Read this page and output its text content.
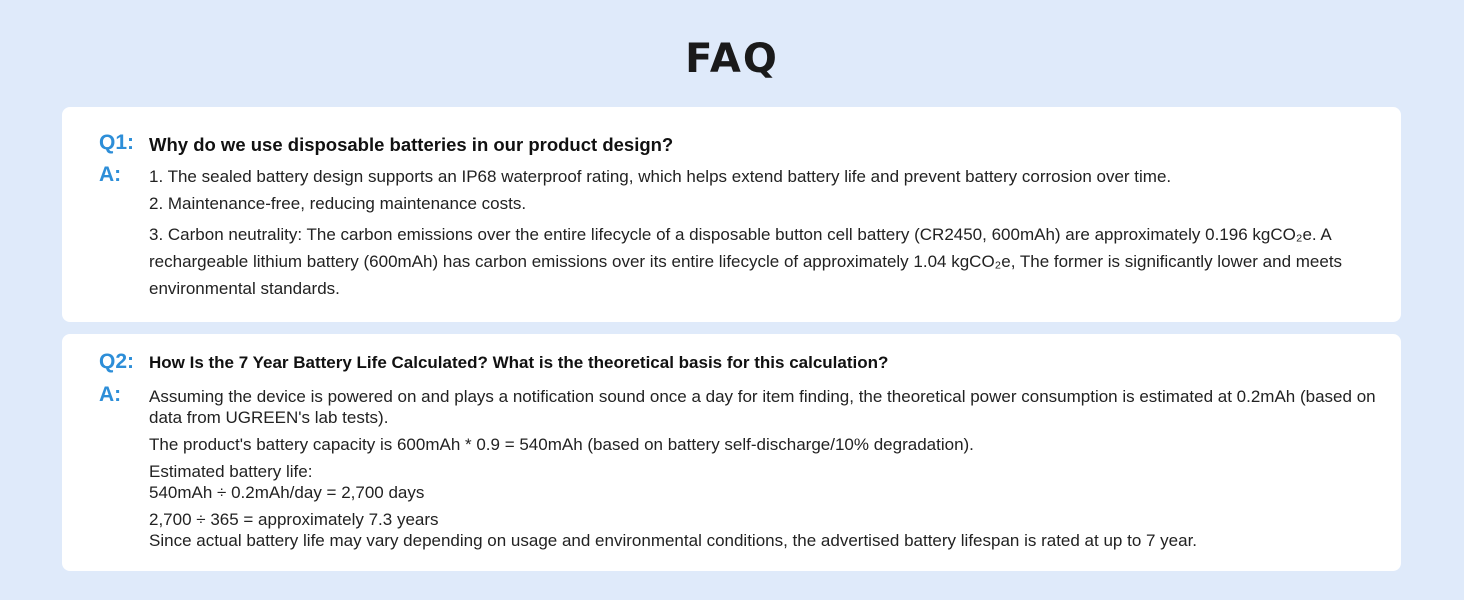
FAQ
Q1: Why do we use disposable batteries in our product design?
A: 1. The sealed battery design supports an IP68 waterproof rating, which helps extend battery life and prevent battery corrosion over time.
2. Maintenance-free, reducing maintenance costs.
3. Carbon neutrality: The carbon emissions over the entire lifecycle of a disposable button cell battery (CR2450, 600mAh) are approximately 0.196 kgCO₂e. A rechargeable lithium battery (600mAh) has carbon emissions over its entire lifecycle of approximately 1.04 kgCO₂e, The former is significantly lower and meets environmental standards.
Q2: How Is the 7 Year Battery Life Calculated? What is the theoretical basis for this calculation?
A: Assuming the device is powered on and plays a notification sound once a day for item finding, the theoretical power consumption is estimated at 0.2mAh (based on data from UGREEN's lab tests).
The product's battery capacity is 600mAh * 0.9 = 540mAh (based on battery self-discharge/10% degradation).
Estimated battery life:
540mAh ÷ 0.2mAh/day = 2,700 days
2,700 ÷ 365 = approximately 7.3 years
Since actual battery life may vary depending on usage and environmental conditions, the advertised battery lifespan is rated at up to 7 year.
